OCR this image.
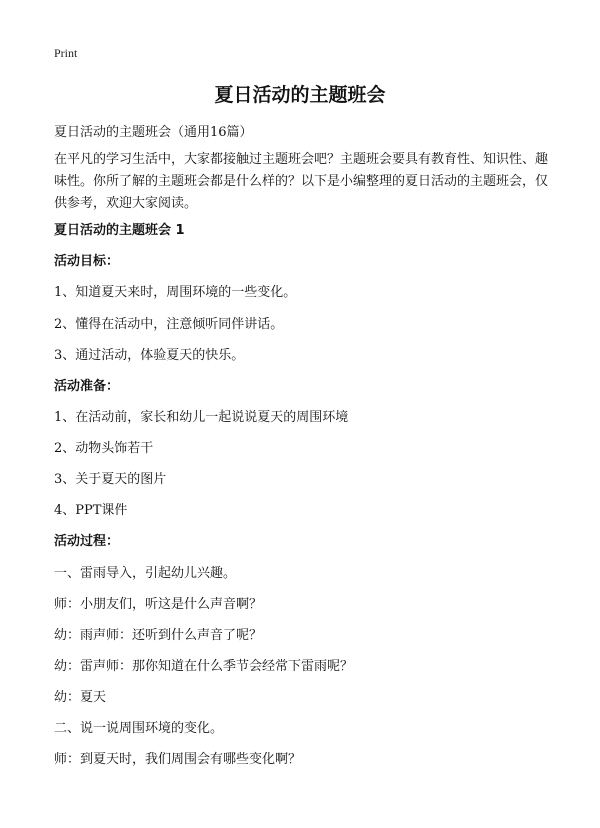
Print
夏日活动的主题班会

夏日活动的主题班会（通用16篇）

在平凡的学习生活中，大家都接触过主题班会吧？主题班会要具有教育性、知识性、趣味性。你所了解的主题班会都是什么样的？以下是小编整理的夏日活动的主题班会，仅供参考，欢迎大家阅读。

夏日活动的主题班会 1

活动目标：

1、知道夏天来时，周围环境的一些变化。

2、懂得在活动中，注意倾听同伴讲话。

3、通过活动，体验夏天的快乐。

活动准备：

1、在活动前，家长和幼儿一起说说夏天的周围环境

2、动物头饰若干

3、关于夏天的图片

4、PPT课件

活动过程：

一、雷雨导入，引起幼儿兴趣。

师：小朋友们，听这是什么声音啊？

幼：雨声师：还听到什么声音了呢？

幼：雷声师：那你知道在什么季节会经常下雷雨呢？

幼：夏天

二、说一说周围环境的变化。

师：到夏天时，我们周围会有哪些变化啊？
